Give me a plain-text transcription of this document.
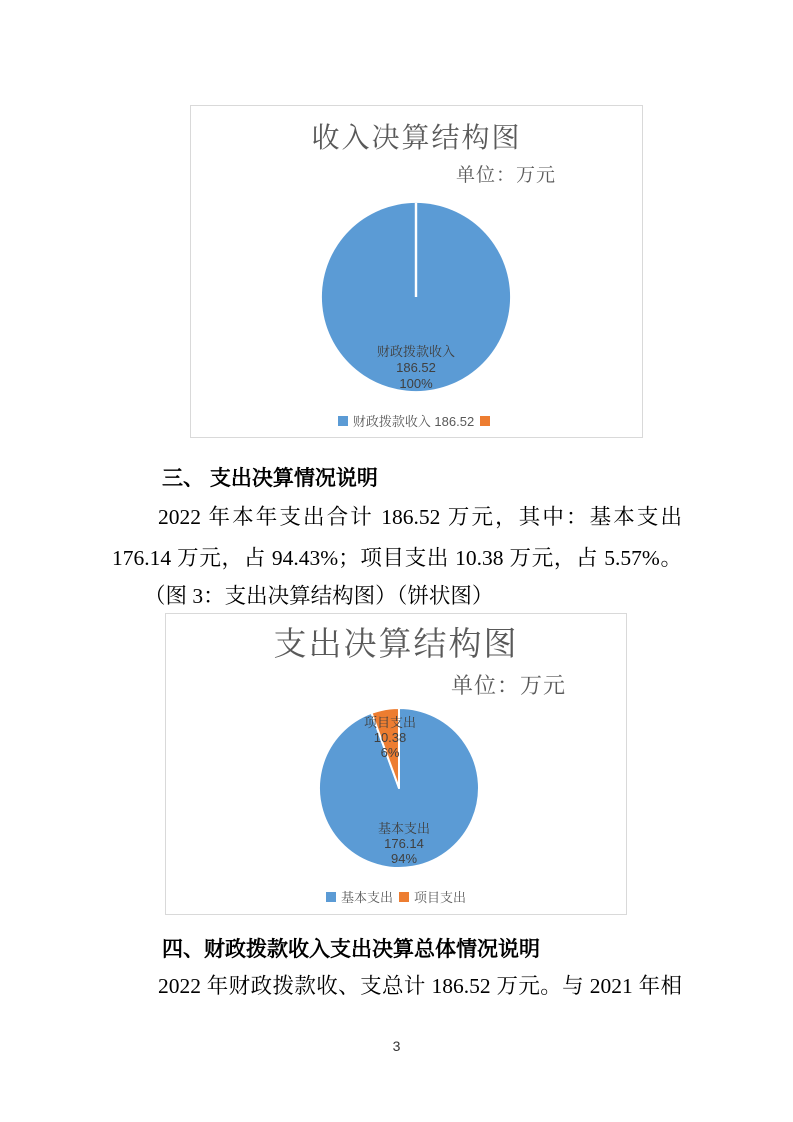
收入决算结构图
单位：万元
财政拨款收入
186.52
100%
财政拨款收入 186.52
三、 支出决算情况说明
2022 年本年支出合计 186.52 万元，其中：基本支出
176.14 万元，占 94.43%；项目支出 10.38 万元，占 5.57%。
（图 3：支出决算结构图）（饼状图）
支出决算结构图
单位：万元
项目支出
10.38
6%
基本支出
176.14
94%
基本支出 项目支出
四、财政拨款收入支出决算总体情况说明
2022 年财政拨款收、支总计 186.52 万元。与 2021 年相
3
